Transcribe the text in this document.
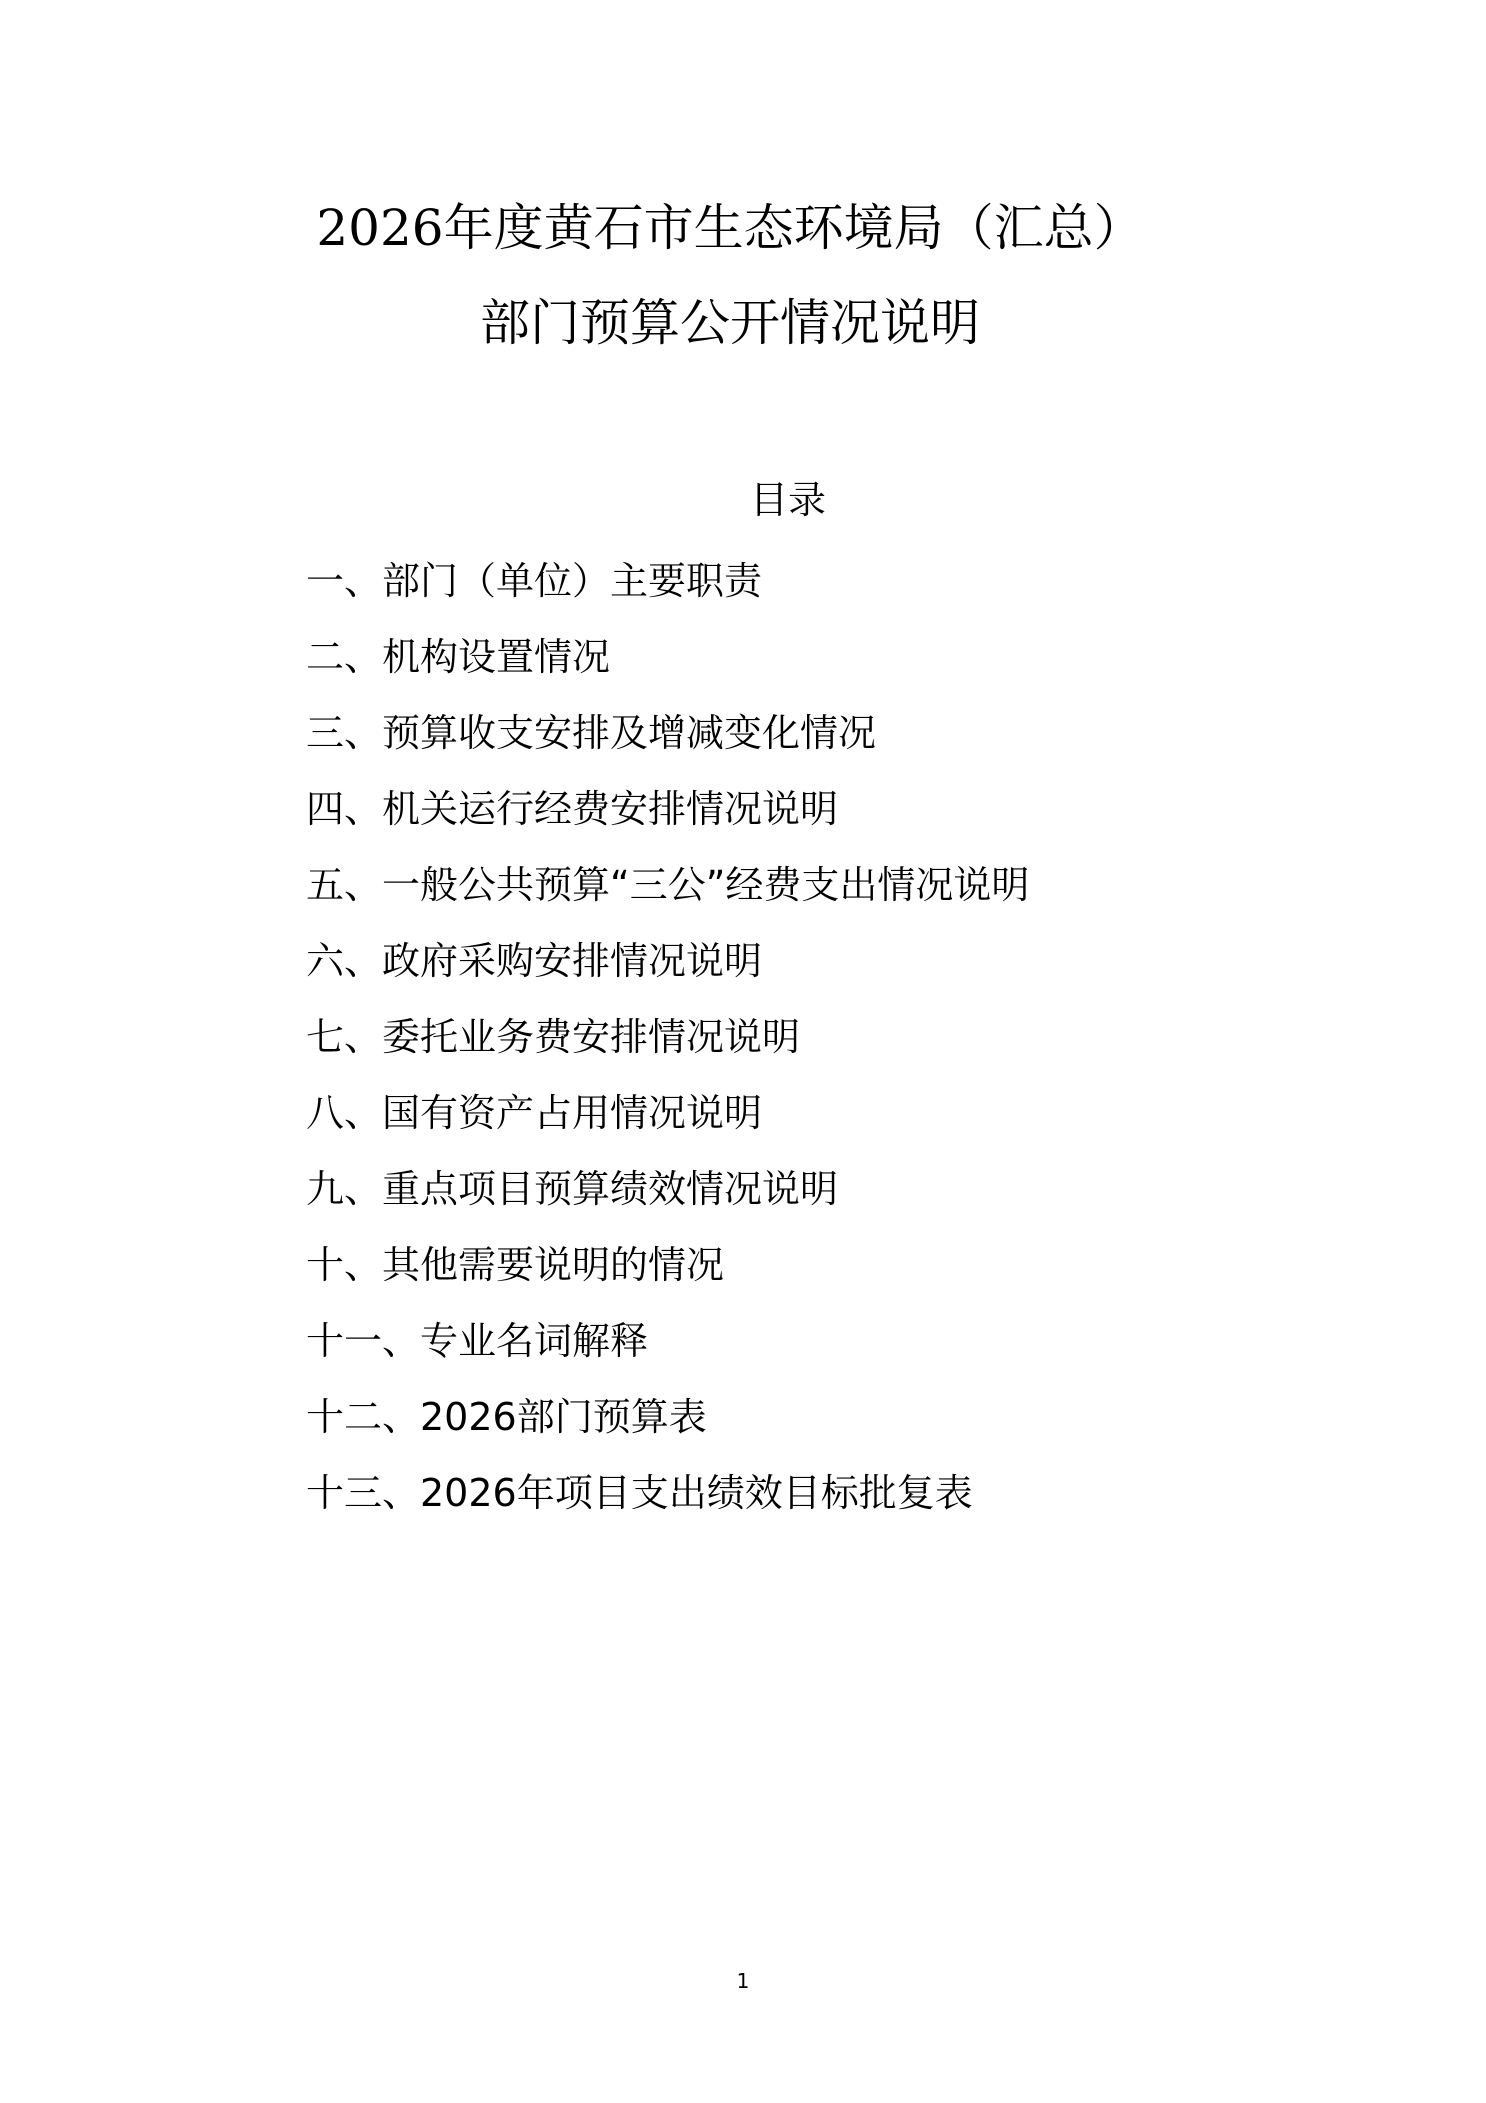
2026年度黄石市生态环境局（汇总）
部门预算公开情况说明
目录
一、部门（单位）主要职责
二、机构设置情况
三、预算收支安排及增减变化情况
四、机关运行经费安排情况说明
五、一般公共预算“三公”经费支出情况说明
六、政府采购安排情况说明
七、委托业务费安排情况说明
八、国有资产占用情况说明
九、重点项目预算绩效情况说明
十、其他需要说明的情况
十一、专业名词解释
十二、2026部门预算表
十三、2026年项目支出绩效目标批复表
1
